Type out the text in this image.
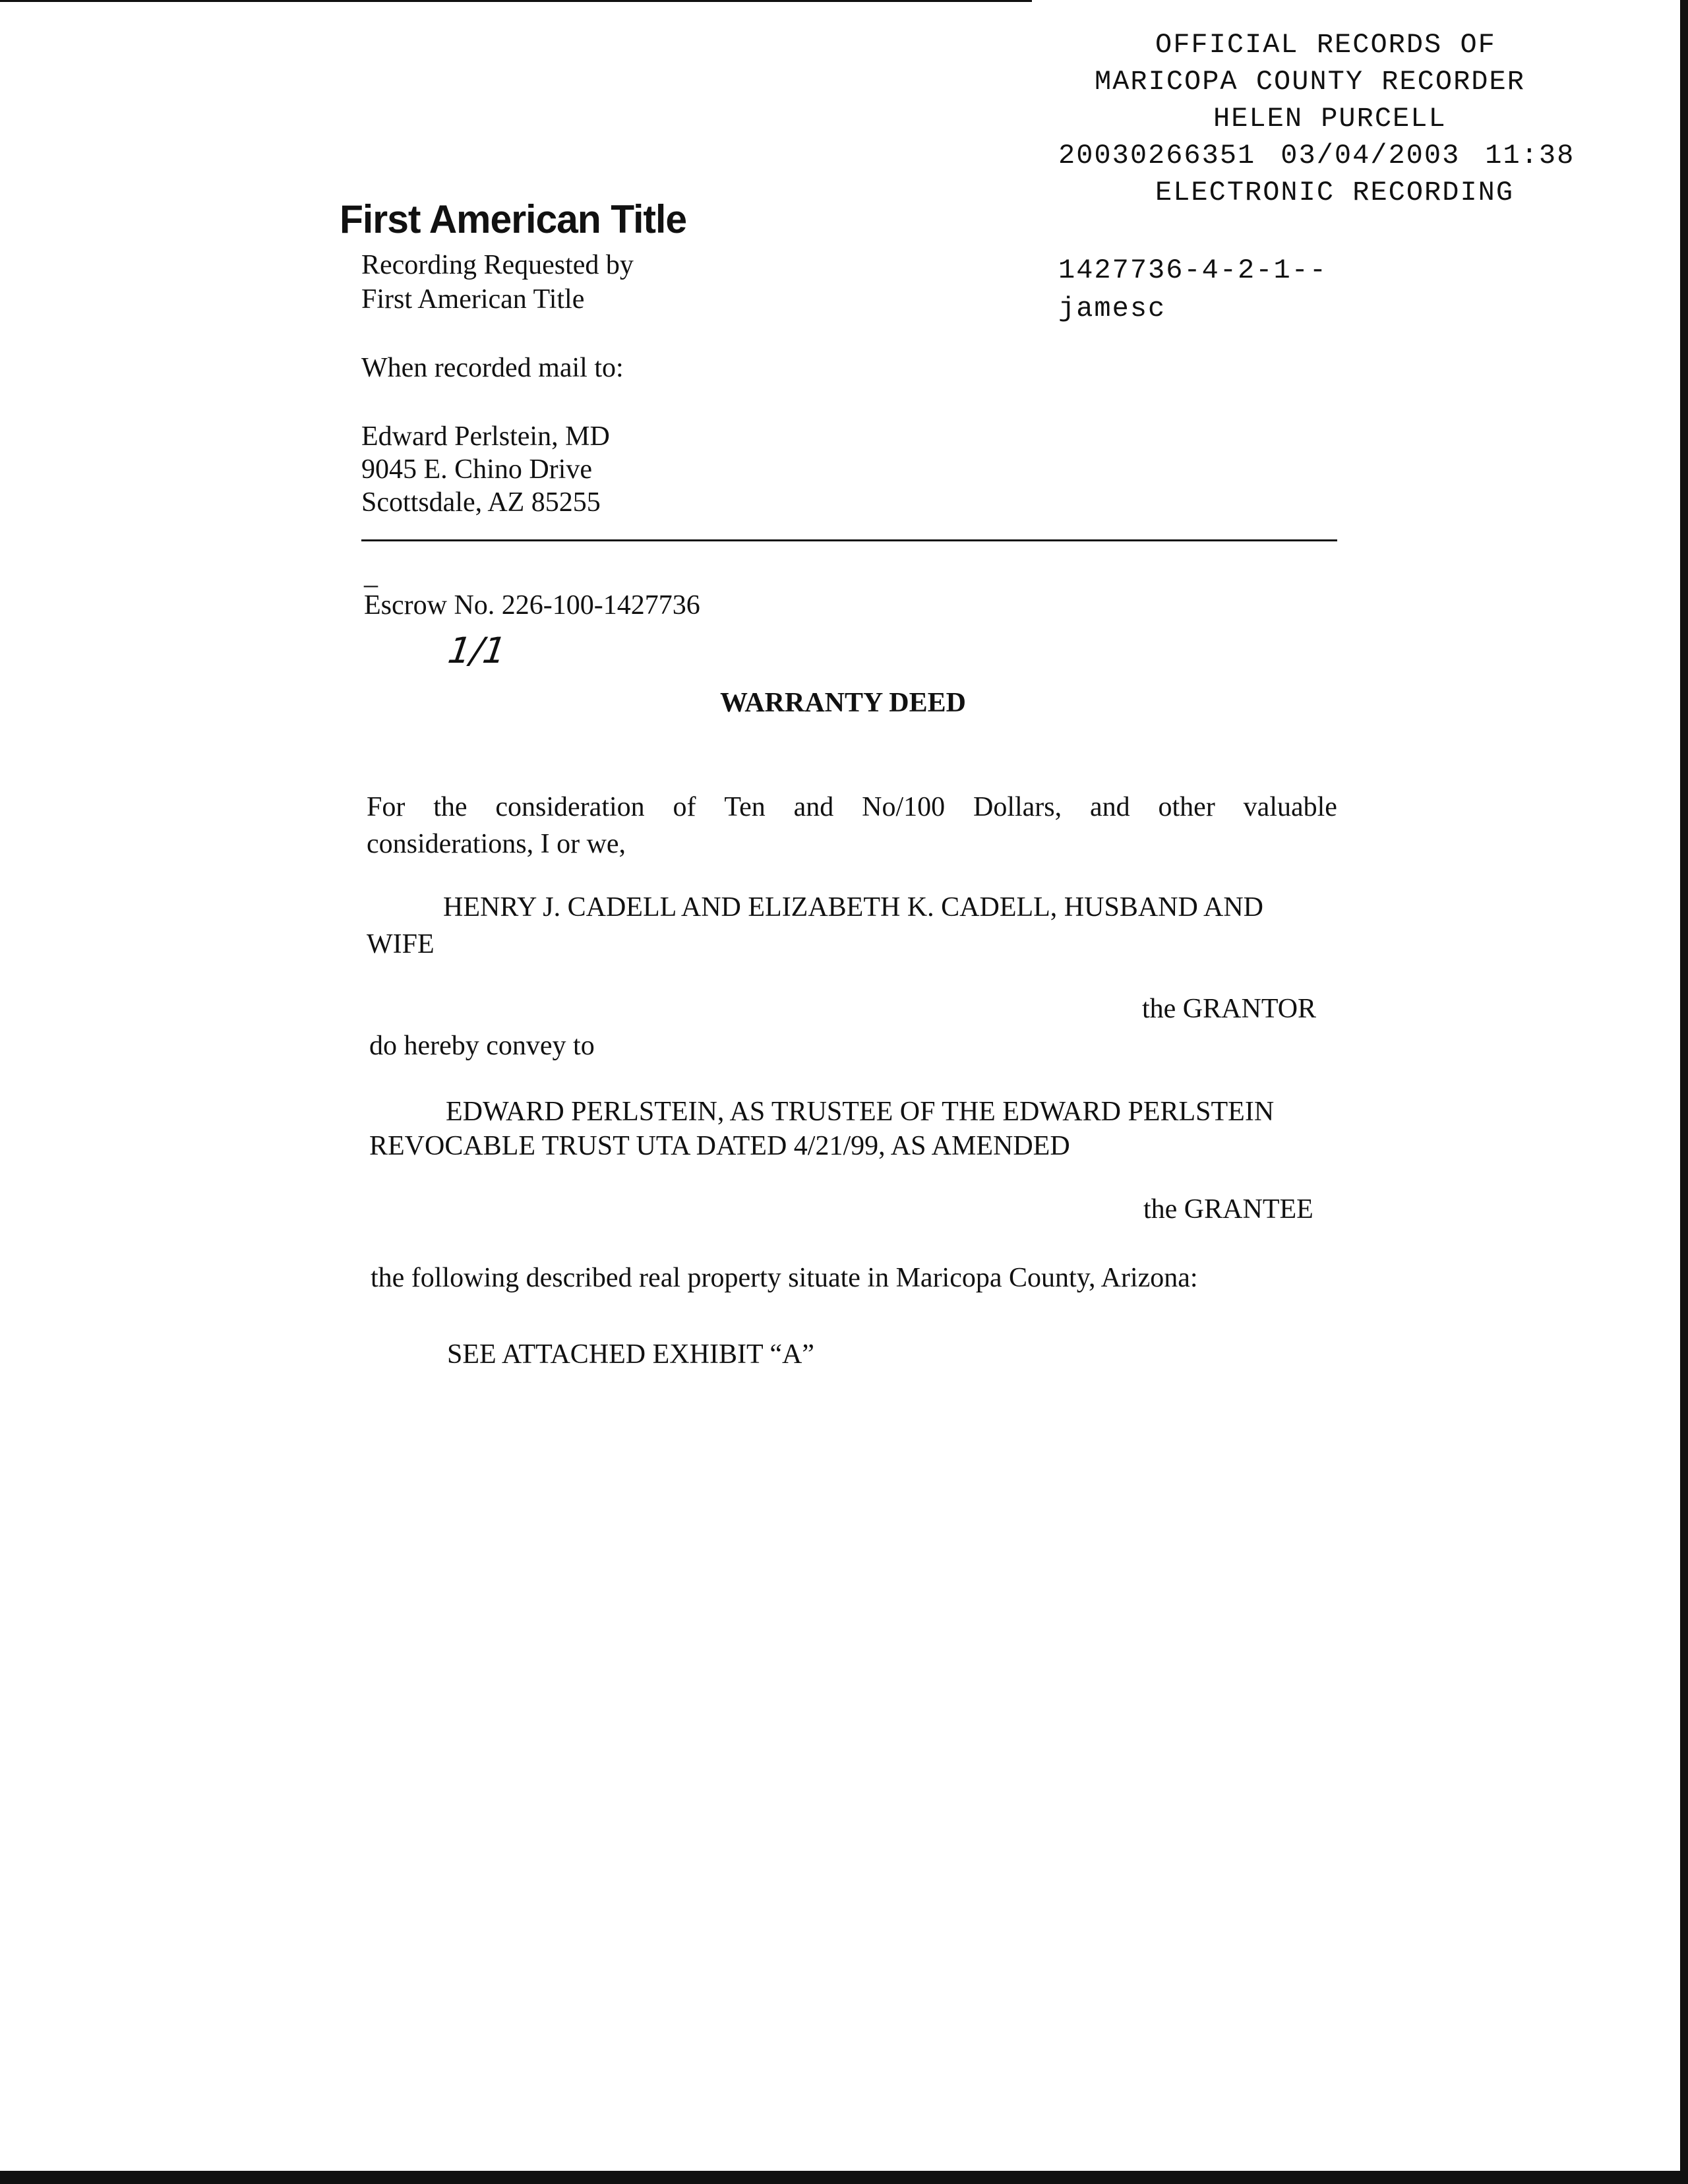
OFFICIAL RECORDS OF
MARICOPA COUNTY RECORDER
HELEN PURCELL
20030266351 03/04/2003 11:38
ELECTRONIC RECORDING
1427736-4-2-1--
jamesc
First American Title
Recording Requested by
First American Title
When recorded mail to:
Edward Perlstein, MD
9045 E. Chino Drive
Scottsdale, AZ 85255
_
Escrow No. 226-100-1427736
1/1
WARRANTY DEED
For the consideration of Ten and No/100 Dollars, and other valuable
considerations, I or we,
HENRY J. CADELL AND ELIZABETH K. CADELL, HUSBAND AND
WIFE
the GRANTOR
do hereby convey to
EDWARD PERLSTEIN, AS TRUSTEE OF THE EDWARD PERLSTEIN
REVOCABLE TRUST UTA DATED 4/21/99, AS AMENDED
the GRANTEE
the following described real property situate in Maricopa County, Arizona:
SEE ATTACHED EXHIBIT “A”
